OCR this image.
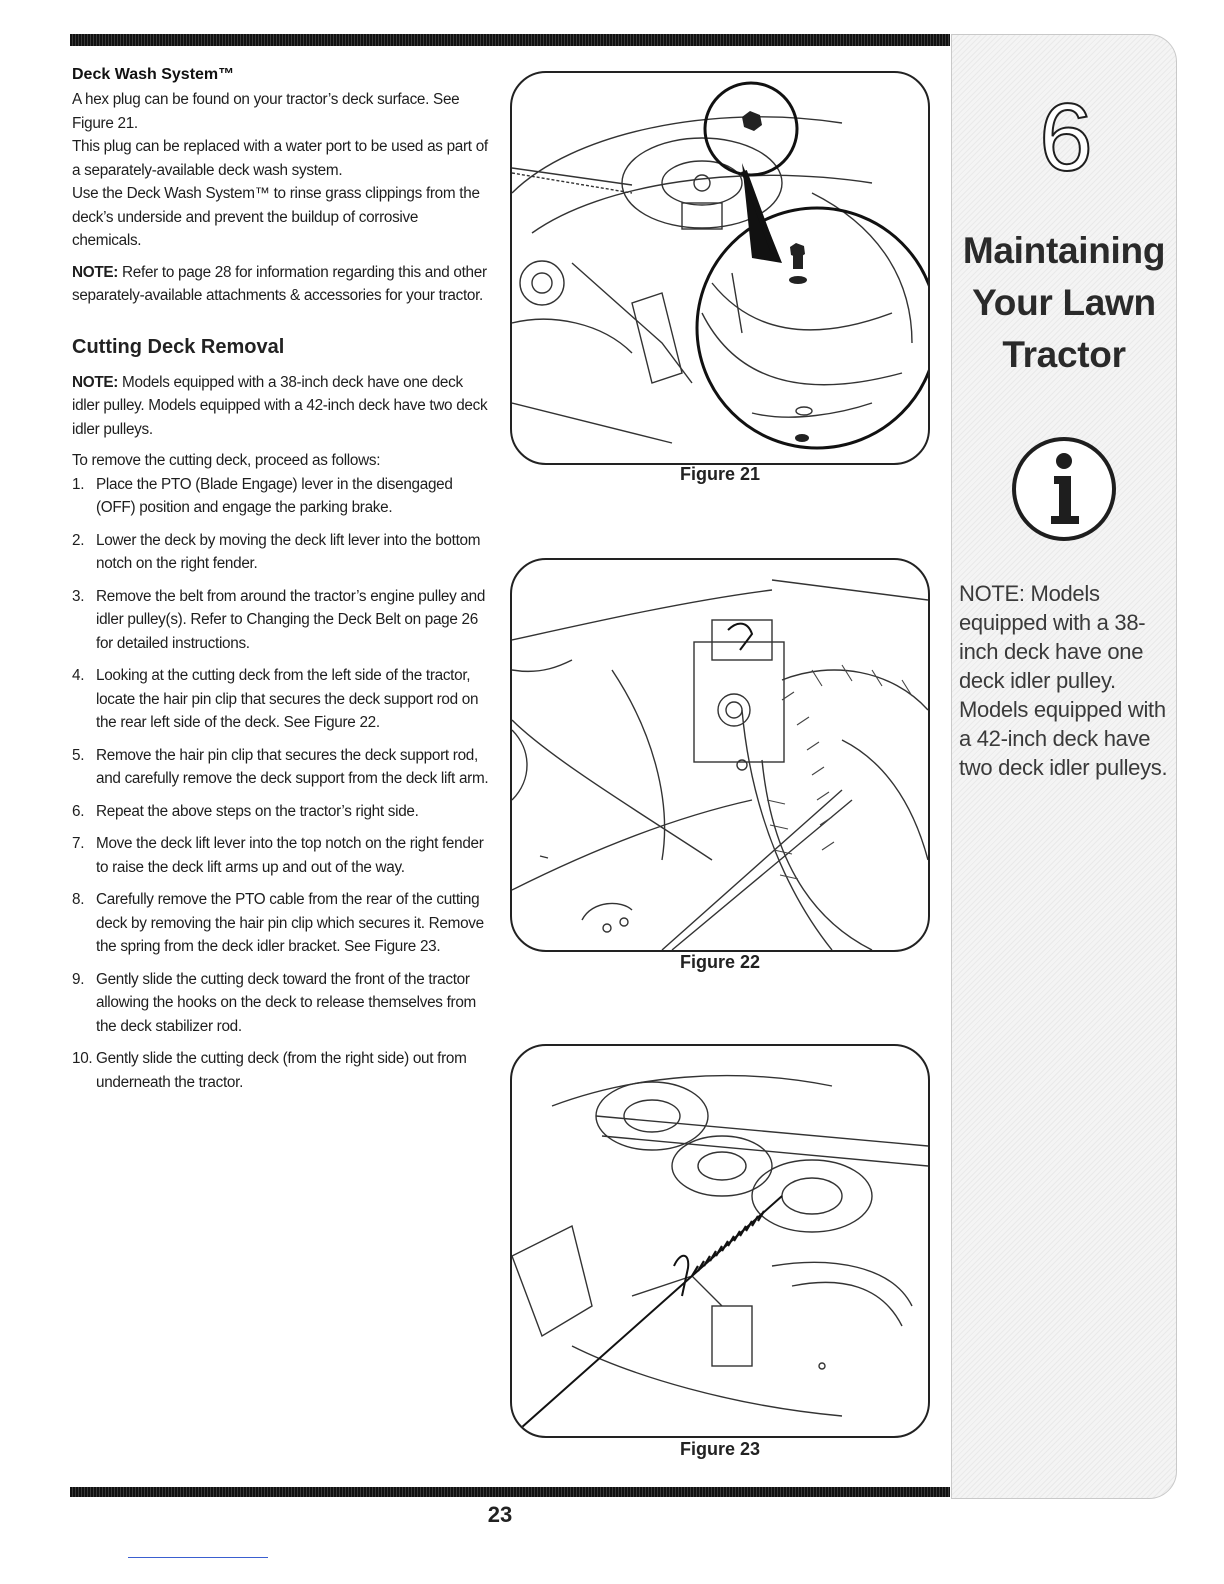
Deck Wash System™

A hex plug can be found on your tractor’s deck surface. See Figure 21.

This plug can be replaced with a water port to be used as part of a separately-available deck wash system.

Use the Deck Wash System™ to rinse grass clippings from the deck’s underside and prevent the buildup of corrosive chemicals.

NOTE: Refer to page 28 for information regarding this and other separately-available attachments & accessories for your tractor.

Cutting Deck Removal

NOTE: Models equipped with a 38-inch deck have one deck idler pulley. Models equipped with a 42-inch deck have two deck idler pulleys.

To remove the cutting deck, proceed as follows:

1. Place the PTO (Blade Engage) lever in the disengaged (OFF) position and engage the parking brake.
2. Lower the deck by moving the deck lift lever into the bottom notch on the right fender.
3. Remove the belt from around the tractor’s engine pulley and idler pulley(s). Refer to Changing the Deck Belt on page 26 for detailed instructions.
4. Looking at the cutting deck from the left side of the tractor, locate the hair pin clip that secures the deck support rod on the rear left side of the deck. See Figure 22.
5. Remove the hair pin clip that secures the deck support rod, and carefully remove the deck support from the deck lift arm.
6. Repeat the above steps on the tractor’s right side.
7. Move the deck lift lever into the top notch on the right fender to raise the deck lift arms up and out of the way.
8. Carefully remove the PTO cable from the rear of the cutting deck by removing the hair pin clip which secures it. Remove the spring from the deck idler bracket. See Figure 23.
9. Gently slide the cutting deck toward the front of the tractor allowing the hooks on the deck to release themselves from the deck stabilizer rod.
10. Gently slide the cutting deck (from the right side) out from underneath the tractor.
Figure 21
Figure 22
Figure 23
6
Maintaining
Your Lawn
Tractor
NOTE: Models equipped with a 38-inch deck have one deck idler pulley. Models equipped with a 42-inch deck have two deck idler pulleys.
23
